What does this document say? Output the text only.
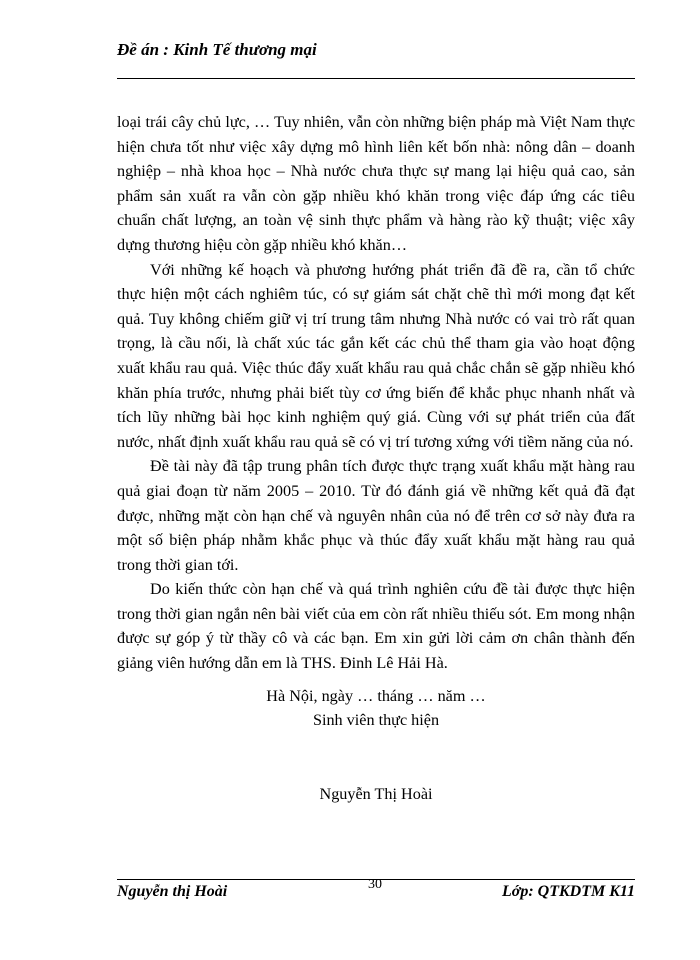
Đề án : Kinh Tế thương mại

loại trái cây chủ lực, … Tuy nhiên, vẫn còn những biện pháp mà Việt Nam thực hiện chưa tốt như việc xây dựng mô hình liên kết bốn nhà: nông dân – doanh nghiệp – nhà khoa học – Nhà nước chưa thực sự mang lại hiệu quả cao, sản phẩm sản xuất ra vẫn còn gặp nhiều khó khăn trong việc đáp ứng các tiêu chuẩn chất lượng, an toàn vệ sinh thực phẩm và hàng rào kỹ thuật; việc xây dựng thương hiệu còn gặp nhiều khó khăn…

Với những kế hoạch và phương hướng phát triển đã đề ra, cần tổ chức thực hiện một cách nghiêm túc, có sự giám sát chặt chẽ thì mới mong đạt kết quả. Tuy không chiếm giữ vị trí trung tâm nhưng Nhà nước có vai trò rất quan trọng, là cầu nối, là chất xúc tác gắn kết các chủ thể tham gia vào hoạt động xuất khẩu rau quả. Việc thúc đẩy xuất khẩu rau quả chắc chắn sẽ gặp nhiều khó khăn phía trước, nhưng phải biết tùy cơ ứng biến để khắc phục nhanh nhất và tích lũy những bài học kinh nghiệm quý giá. Cùng với sự phát triển của đất nước, nhất định xuất khẩu rau quả sẽ có vị trí tương xứng với tiềm năng của nó.

Đề tài này đã tập trung phân tích được thực trạng xuất khẩu mặt hàng rau quả giai đoạn từ năm 2005 – 2010. Từ đó đánh giá về những kết quả đã đạt được, những mặt còn hạn chế và nguyên nhân của nó để trên cơ sở này đưa ra một số biện pháp nhằm khắc phục và thúc đẩy xuất khẩu mặt hàng rau quả trong thời gian tới.

Do kiến thức còn hạn chế và quá trình nghiên cứu đề tài được thực hiện trong thời gian ngắn nên bài viết của em còn rất nhiều thiếu sót. Em mong nhận được sự góp ý từ thầy cô và các bạn. Em xin gửi lời cảm ơn chân thành đến giảng viên hướng dẫn em là THS. Đinh Lê Hải Hà.

Hà Nội, ngày … tháng … năm …
Sinh viên thực hiện
Nguyễn Thị Hoài
Nguyễn thị Hoài	30	Lớp: QTKDTM K11
